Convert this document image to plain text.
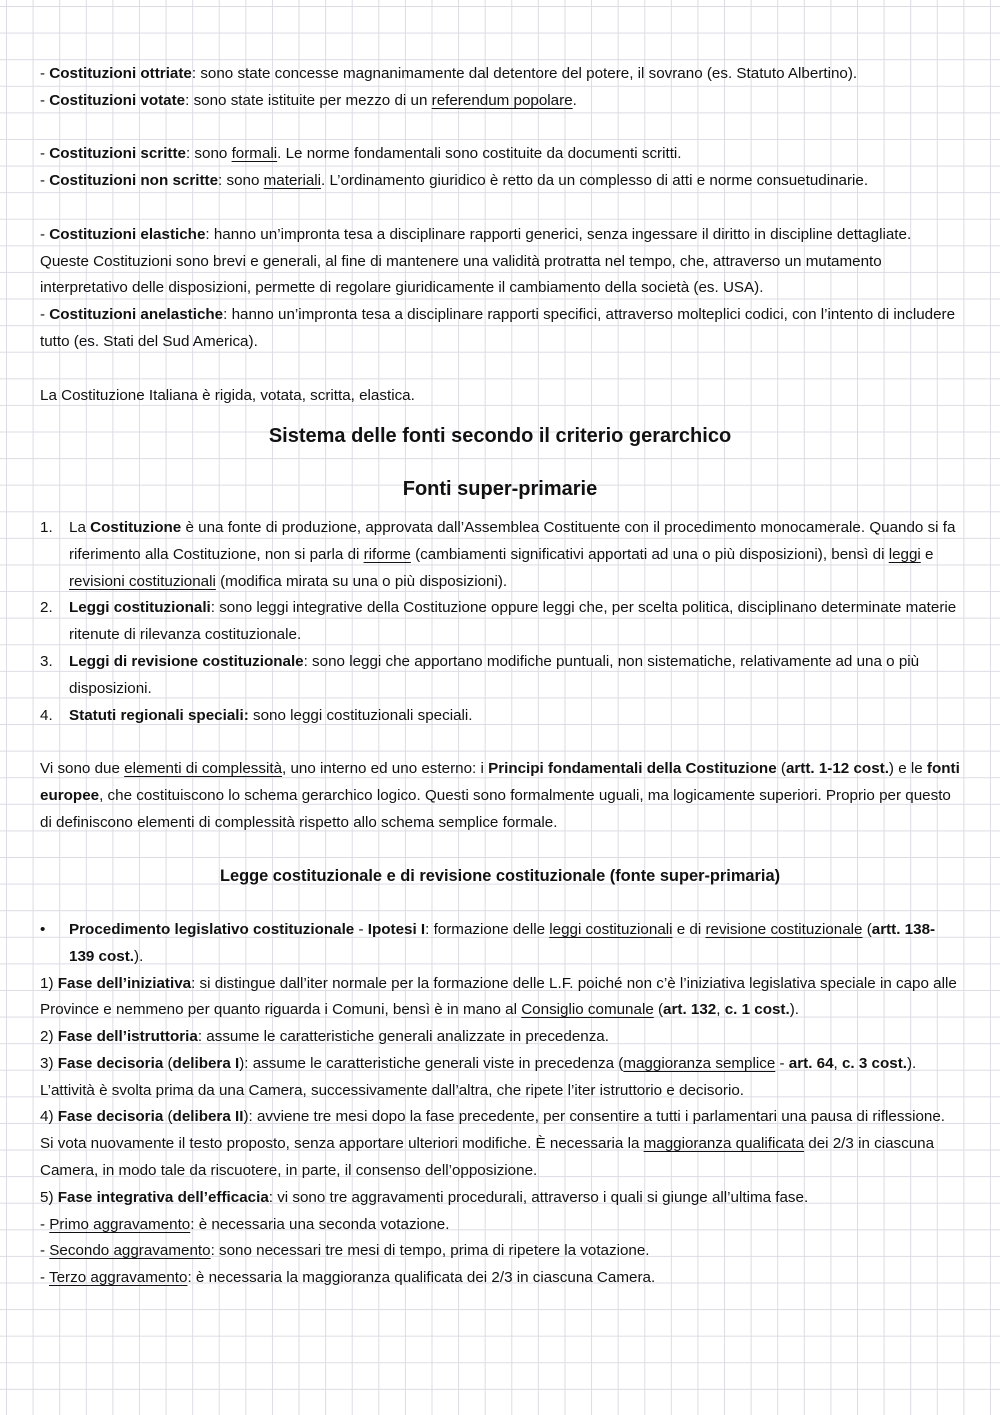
- Costituzioni ottriate: sono state concesse magnanimamente dal detentore del potere, il sovrano (es. Statuto Albertino).

- Costituzioni votate: sono state istituite per mezzo di un referendum popolare.

- Costituzioni scritte: sono formali. Le norme fondamentali sono costituite da documenti scritti.

- Costituzioni non scritte: sono materiali. L’ordinamento giuridico è retto da un complesso di atti e norme consuetudinarie.

- Costituzioni elastiche: hanno un’impronta tesa a disciplinare rapporti generici, senza ingessare il diritto in discipline dettagliate. Queste Costituzioni sono brevi e generali, al fine di mantenere una validità protratta nel tempo, che, attraverso un mutamento interpretativo delle disposizioni, permette di regolare giuridicamente il cambiamento della società (es. USA).

- Costituzioni anelastiche: hanno un’impronta tesa a disciplinare rapporti specifici, attraverso molteplici codici, con l’intento di includere tutto (es. Stati del Sud America).

La Costituzione Italiana è rigida, votata, scritta, elastica.

Sistema delle fonti secondo il criterio gerarchico
Fonti super-primarie
1. La Costituzione è una fonte di produzione, approvata dall’Assemblea Costituente con il procedimento monocamerale. Quando si fa riferimento alla Costituzione, non si parla di riforme (cambiamenti significativi apportati ad una o più disposizioni), bensì di leggi e revisioni costituzionali (modifica mirata su una o più disposizioni).
2. Leggi costituzionali: sono leggi integrative della Costituzione oppure leggi che, per scelta politica, disciplinano determinate materie ritenute di rilevanza costituzionale.
3. Leggi di revisione costituzionale: sono leggi che apportano modifiche puntuali, non sistematiche, relativamente ad una o più disposizioni.
4. Statuti regionali speciali: sono leggi costituzionali speciali.

Vi sono due elementi di complessità, uno interno ed uno esterno: i Principi fondamentali della Costituzione (artt. 1-12 cost.) e le fonti europee, che costituiscono lo schema gerarchico logico. Questi sono formalmente uguali, ma logicamente superiori. Proprio per questo di definiscono elementi di complessità rispetto allo schema semplice formale.

Legge costituzionale e di revisione costituzionale (fonte super-primaria)
• Procedimento legislativo costituzionale - Ipotesi I: formazione delle leggi costituzionali e di revisione costituzionale (artt. 138-139 cost.).

1) Fase dell’iniziativa: si distingue dall’iter normale per la formazione delle L.F. poiché non c’è l’iniziativa legislativa speciale in capo alle Province e nemmeno per quanto riguarda i Comuni, bensì è in mano al Consiglio comunale (art. 132, c. 1 cost.).

2) Fase dell’istruttoria: assume le caratteristiche generali analizzate in precedenza.

3) Fase decisoria (delibera I): assume le caratteristiche generali viste in precedenza (maggioranza semplice - art. 64, c. 3 cost.). L’attività è svolta prima da una Camera, successivamente dall’altra, che ripete l’iter istruttorio e decisorio.

4) Fase decisoria (delibera II): avviene tre mesi dopo la fase precedente, per consentire a tutti i parlamentari una pausa di riflessione. Si vota nuovamente il testo proposto, senza apportare ulteriori modifiche. È necessaria la maggioranza qualificata dei 2/3 in ciascuna Camera, in modo tale da riscuotere, in parte, il consenso dell’opposizione.

5) Fase integrativa dell’efficacia: vi sono tre aggravamenti procedurali, attraverso i quali si giunge all’ultima fase.

- Primo aggravamento: è necessaria una seconda votazione.

- Secondo aggravamento: sono necessari tre mesi di tempo, prima di ripetere la votazione.

- Terzo aggravamento: è necessaria la maggioranza qualificata dei 2/3 in ciascuna Camera.
